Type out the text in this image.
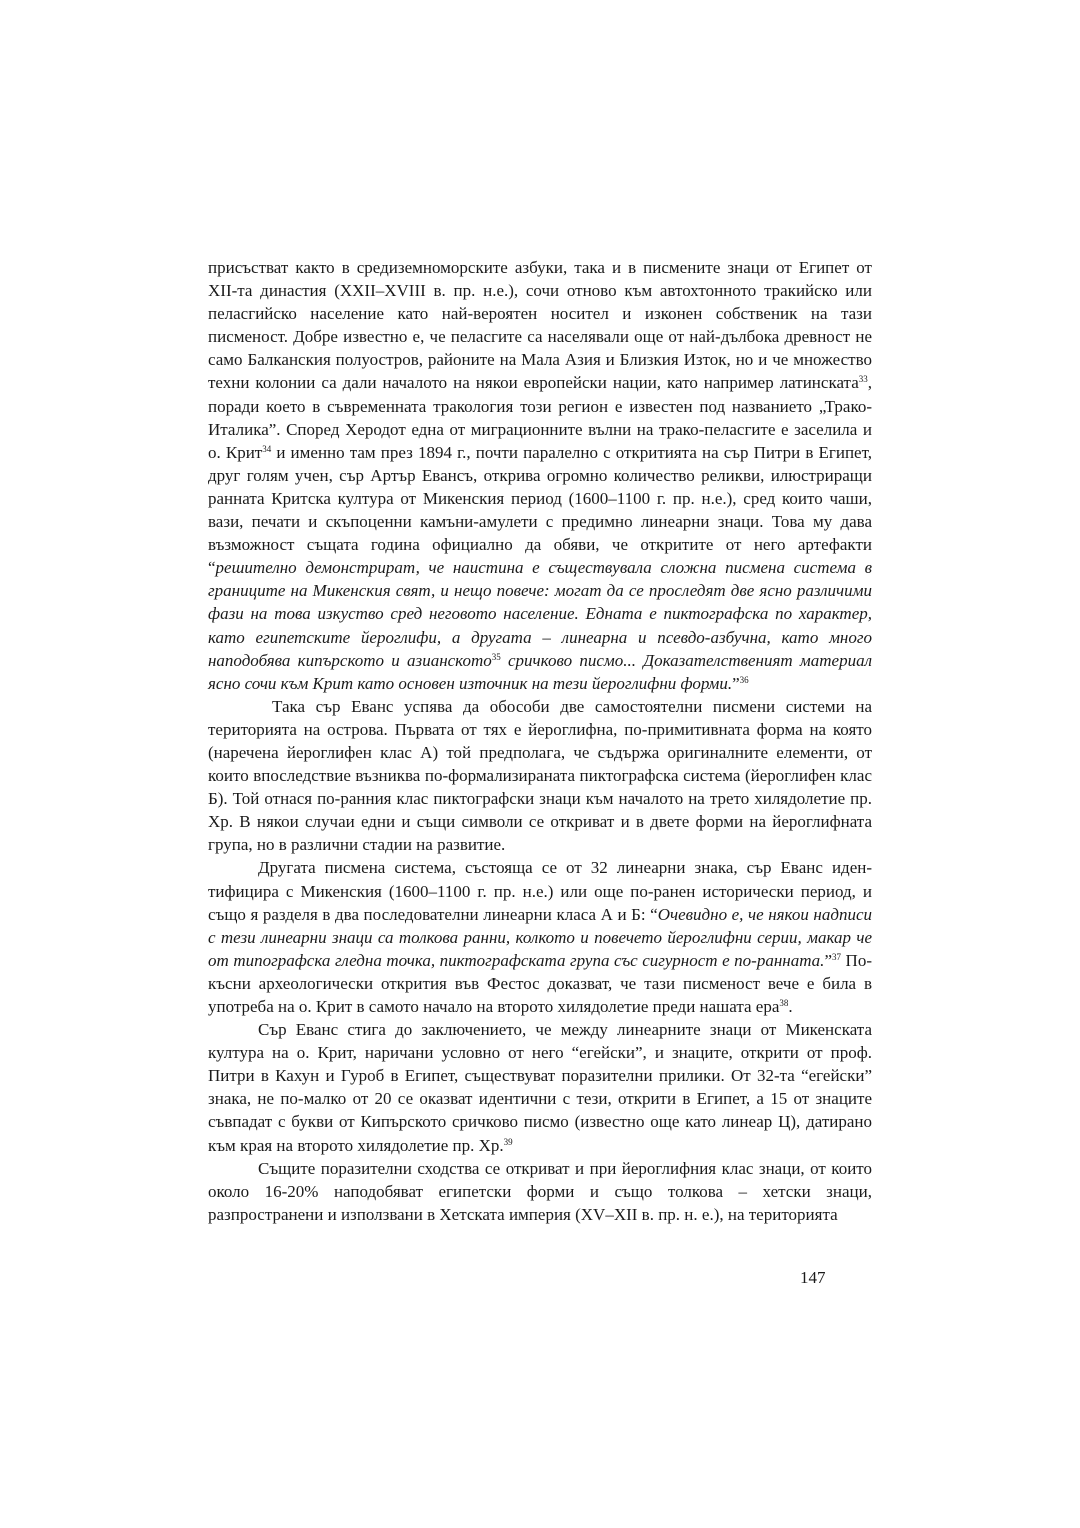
присъстват както в средиземноморските азбуки, така и в писмените знаци от Египет от XII-та династия (XXII–XVIII в. пр. н.е.), сочи отново към автохтонното тракийско или пеласгийско население като най-вероятен носител и изконен собственик на тази писменост. Добре известно е, че пеласгите са населявали още от най-дълбока древност не само Балканския полуостров, районите на Мала Азия и Близкия Изток, но и че множество техни колонии са дали началото на някои европейски нации, като например латинската$^{33}$, поради което в съвременната тракология този регион е известен под названието „Трако-Италика”. Според Херодот една от миграционните вълни на трако-пеласгите е заселила и о. Крит$^{34}$ и именно там през 1894 г., почти паралелно с откритията на сър Питри в Египет, друг голям учен, сър Артър Евансъ, открива огромно количество реликви, илюстриращи ранната Критска култура от Микенския период (1600–1100 г. пр. н.е.), сред които чаши, вази, печати и скъпоценни камъни-амулети с предимно линеарни знаци. Това му дава възможност същата година официално да обяви, че откритите от него артефакти “решително демонстрират, че наистина е съществувала сложна писмена система в границите на Микенския свят, и нещо повече: могат да се проследят две ясно различими фази на това изкуство сред неговото население. Едната е пиктографска по характер, като египетските йероглифи, а другата – линеарна и псевдо-азбучна, като много наподобява кипърското и азианското$^{35}$ сричково писмо... Доказателственият материал ясно сочи към Крит като основен източник на тези йероглифни форми.”$^{36}$

Така сър Еванс успява да обособи две самостоятелни писмени системи на територията на острова. Първата от тях е йероглифна, по-примитивната форма на която (наречена йероглифен клас А) той предполага, че съдържа оригиналните елементи, от които впоследствие възниква по-формализираната пиктографска система (йероглифен клас Б). Той отнася по-ранния клас пиктографски знаци към началото на трето хилядолетие пр. Хр. В някои случаи едни и същи символи се откриват и в двете форми на йероглифната група, но в различни стадии на развитие.

Другата писмена система, състояща се от 32 линеарни знака, сър Еванс иден-тифицира с Микенския (1600–1100 г. пр. н.е.) или още по-ранен исторически период, и също я разделя в два последователни линеарни класа А и Б: “Очевидно е, че някои надписи с тези линеарни знаци са толкова ранни, колкото и повечето йероглифни серии, макар че от типографска гледна точка, пиктографската група със сигурност е по-ранната.”$^{37}$ По-късни археологически открития във Фестос доказват, че тази писменост вече е била в употреба на о. Крит в самото начало на второто хилядолетие преди нашата ера$^{38}$.

Сър Еванс стига до заключението, че между линеарните знаци от Микенската култура на о. Крит, наричани условно от него “егейски”, и знаците, открити от проф. Питри в Кахун и Гуроб в Египет, съществуват поразителни прилики. От 32-та “егейски” знака, не по-малко от 20 се оказват идентични с тези, открити в Египет, а 15 от знаците съвпадат с букви от Кипърското сричково писмо (известно още като линеар Ц), датирано към края на второто хилядолетие пр. Хр.$^{39}$

Същите поразителни сходства се откриват и при йероглифния клас знаци, от които около 16-20% наподобяват египетски форми и също толкова – хетски знаци, разпространени и използвани в Хетската империя (XV–XII в. пр. н. е.), на територията

147
